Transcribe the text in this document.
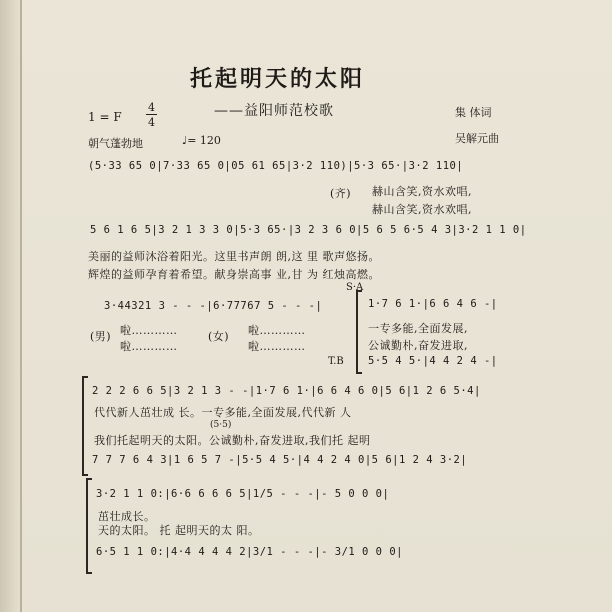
托起明天的太阳
——益阳师范校歌
1 = F
4
4
集 体词
吴解元曲
朝气蓬勃地	♩= 120
(5·33 65 0|7·33 65 0|05 61 65|3·2 110)|5·3 65·|3·2 110|
(齐) 赫山含笑,资水欢唱,
赫山含笑,资水欢唱,
5 6 1 6 5|3 2 1 3 3 0|5·3 65·|3 2 3 6 0|5 6 5 6·5 4 3|3·2 1 1 0|
美丽的益师沐浴着阳光。这里书声朗 朗,这 里 歌声悠扬。
辉煌的益师孕育着希望。献身崇高事 业,甘 为 红烛高燃。
S·A
3·44321 3 - - -|6·77767 5 - - -|	1·7 6 1·|6 6 4 6 -|
(男) 啦…………
啦…………
(女) 啦…………
啦…………
一专多能,全面发展,
公诚勤朴,奋发进取,
T.B 5·5 4 5·|4 4 2 4 -|
2 2 2 6 6 5|3 2 1 3 - -|1·7 6 1·|6 6 4 6 0|5 6|1 2 6 5·4|
代代新人茁壮成 长。一专多能,全面发展,代代新 人
(5·5)
我们托起明天的太阳。公诚勤朴,奋发进取,我们托 起明
7 7 7 6 4 3|1 6 5 7 -|5·5 4 5·|4 4 2 4 0|5 6|1 2 4 3·2|
3·2 1 1 0:|6·6 6 6 6 5|1/5 - - -|- 5 0 0 0|
茁壮成长。
天的太阳。 托 起明天的太 阳。
6·5 1 1 0:|4·4 4 4 4 2|3/1 - - -|- 3/1 0 0 0|
